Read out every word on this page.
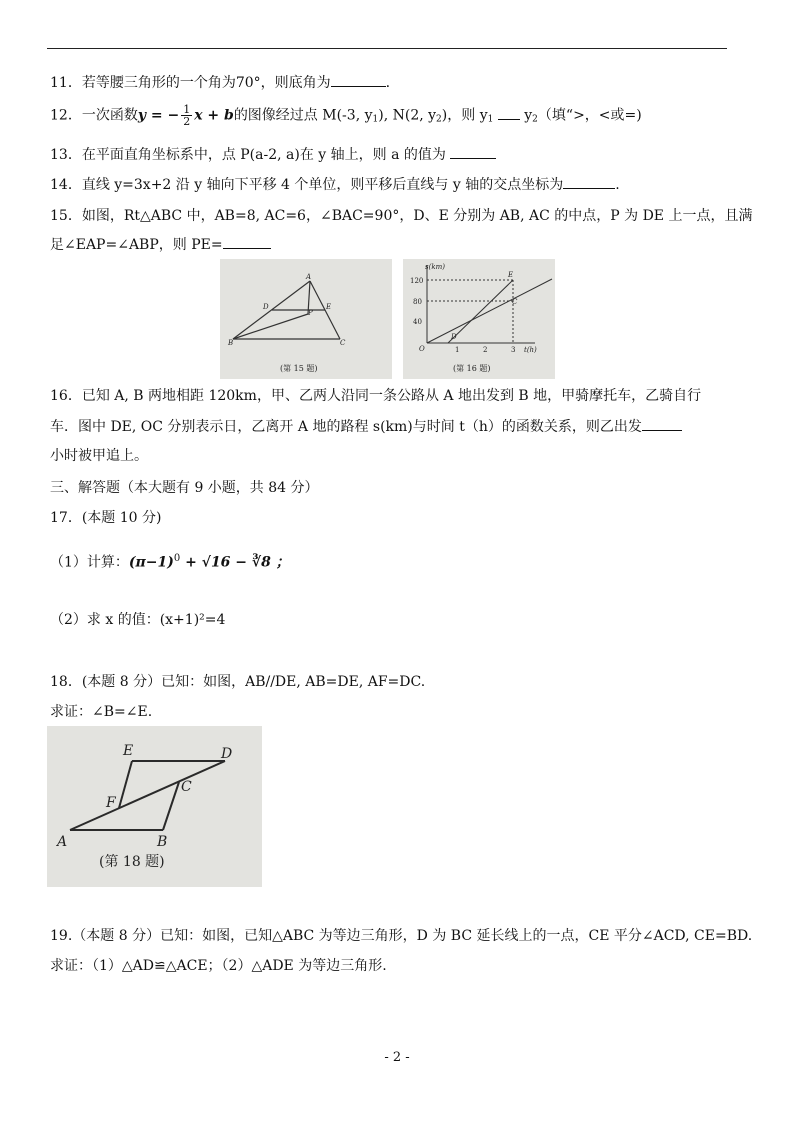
11．若等腰三角形的一个角为70°，则底角为	.
12．一次函数y = − $\frac{1}{2}$ x + b的图像经过点 M(-3, $y_1$), N(2, $y_2$)，则 $y_1$ $y_2$（填“>，<或=)
13．在平面直角坐标系中，点 P(a-2, a)在 y 轴上，则 a 的值为
14．直线 y=3x+2 沿 y 轴向下平移 4 个单位，则平移后直线与 y 轴的交点坐标为	.
15．如图，Rt△ABC 中，AB=8, AC=6，∠BAC=90°，D、E 分别为 AB, AC 的中点，P 为 DE 上一点，且满
足∠EAP=∠ABP，则 PE=
A
D	E
P
B	C
(第 15 题)
s(km)
t(h)
120
80
40
1	2	3
O
D
E
C
(第 16 题)
16．已知 A, B 两地相距 120km，甲、乙两人沿同一条公路从 A 地出发到 B 地，甲骑摩托车，乙骑自行
车．图中 DE, OC 分别表示日，乙离开 A 地的路程 s(km)与时间 t（h）的函数关系，则乙出发
小时被甲追上。
三、解答题（本大题有 9 小题，共 84 分）
17．(本题 10 分)
（1）计算：$(\pi-1)^0 + √16$ − ∛8 ；
（2）求 x 的值：(x+1)²=4
18．(本题 8 分）已知：如图，AB//DE, AB=DE, AF=DC.
求证：∠B=∠E.
E	D
C
F
A	B
(第 18 题)
19.（本题 8 分）已知：如图，已知△ABC 为等边三角形，D 为 BC 延长线上的一点，CE 平分∠ACD, CE=BD.
求证：（1）△AD≌△ACE；（2）△ADE 为等边三角形.
- 2 -
